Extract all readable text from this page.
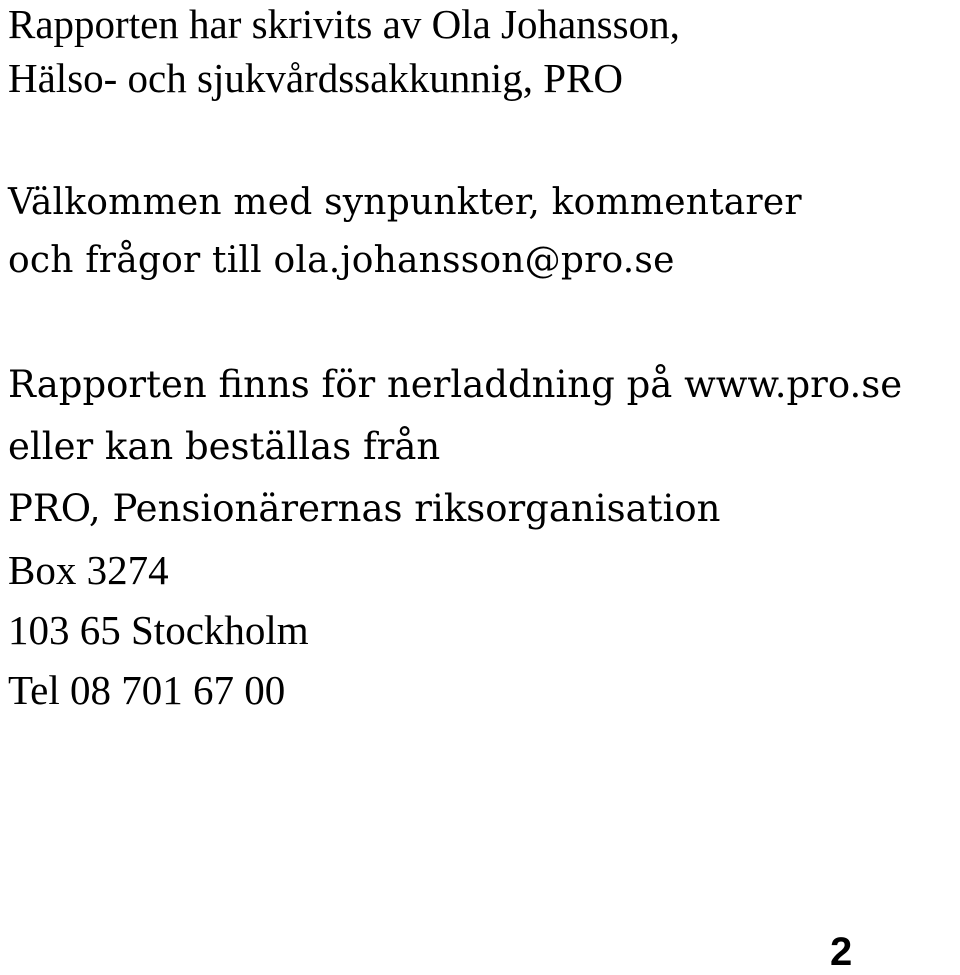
Rapporten har skrivits av Ola Johansson,
Hälso- och sjukvårdssakkunnig, PRO
Välkommen med synpunkter, kommentarer
och frågor till ola.johansson@pro.se
Rapporten finns för nerladdning på www.pro.se
eller kan beställas från
PRO, Pensionärernas riksorganisation
Box 3274
103 65 Stockholm
Tel 08 701 67 00
2
